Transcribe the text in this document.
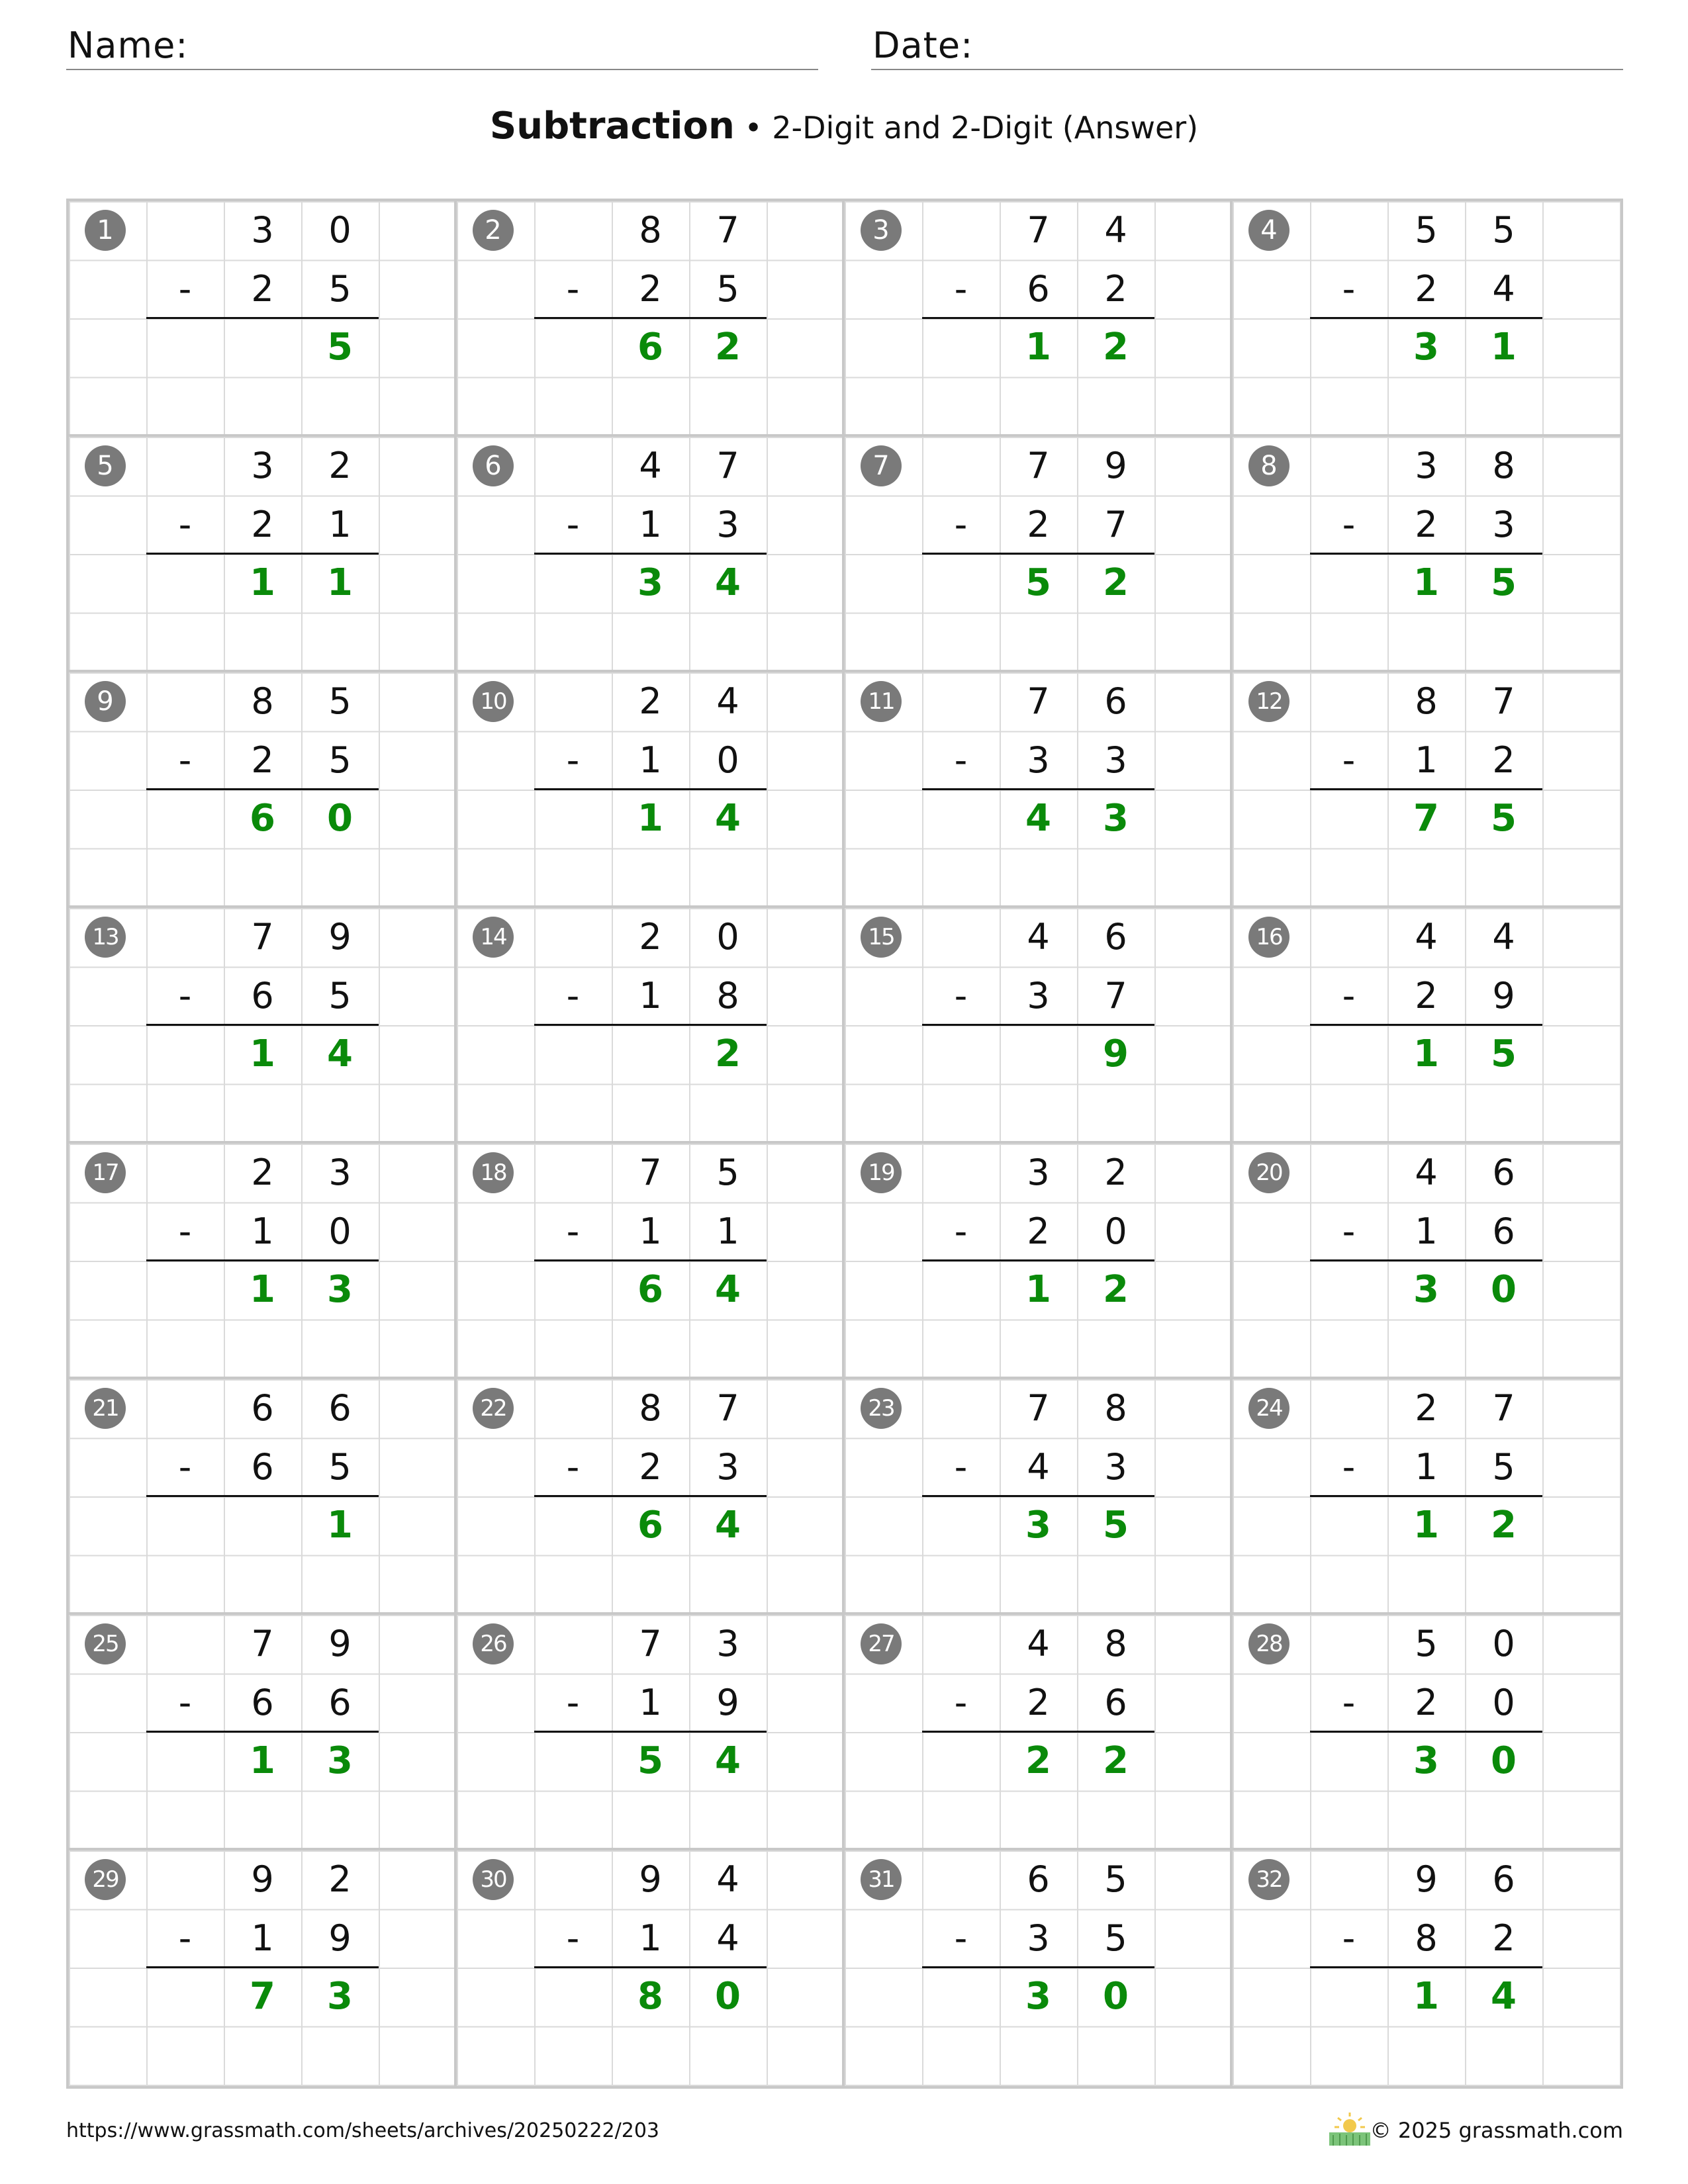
Name:	Date:
Subtraction • 2-Digit and 2-Digit (Answer)
1	3	0
-	2	5
5
2	8	7
-	2	5
6	2
3	7	4
-	6	2
1	2
4	5	5
-	2	4
3	1
5	3	2
-	2	1
1	1
6	4	7
-	1	3
3	4
7	7	9
-	2	7
5	2
8	3	8
-	2	3
1	5
9	8	5
-	2	5
6	0
10	2	4
-	1	0
1	4
11	7	6
-	3	3
4	3
12	8	7
-	1	2
7	5
13	7	9
-	6	5
1	4
14	2	0
-	1	8
2
15	4	6
-	3	7
9
16	4	4
-	2	9
1	5
17	2	3
-	1	0
1	3
18	7	5
-	1	1
6	4
19	3	2
-	2	0
1	2
20	4	6
-	1	6
3	0
21	6	6
-	6	5
1
22	8	7
-	2	3
6	4
23	7	8
-	4	3
3	5
24	2	7
-	1	5
1	2
25	7	9
-	6	6
1	3
26	7	3
-	1	9
5	4
27	4	8
-	2	6
2	2
28	5	0
-	2	0
3	0
29	9	2
-	1	9
7	3
30	9	4
-	1	4
8	0
31	6	5
-	3	5
3	0
32	9	6
-	8	2
1	4
https://www.grassmath.com/sheets/archives/20250222/203	© 2025 grassmath.com
